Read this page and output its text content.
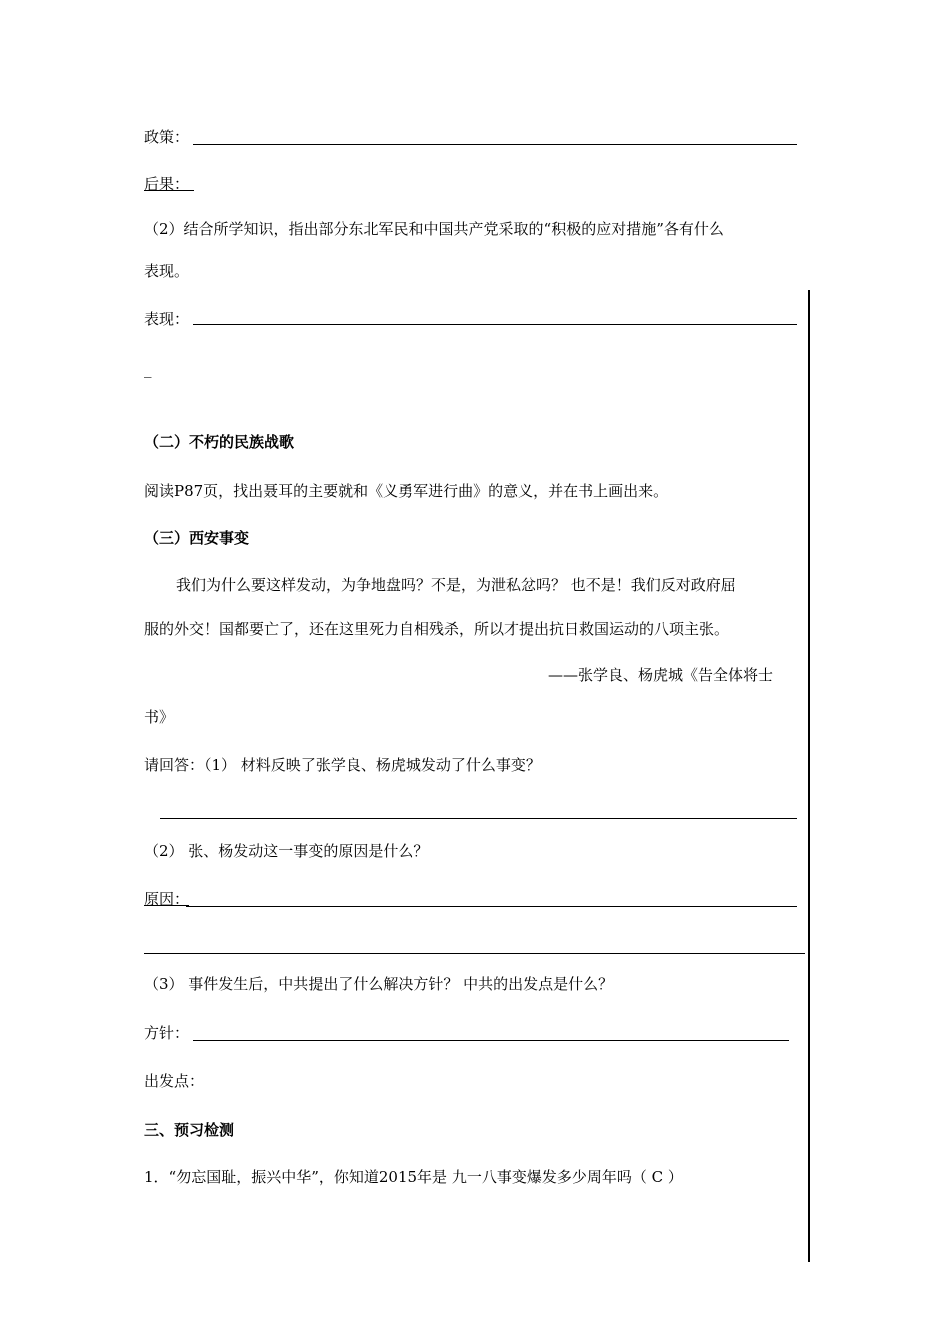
政策：
后果：
（2）结合所学知识，指出部分东北军民和中国共产党采取的“积极的应对措施”各有什么
表现。
表现：
_
（二）不朽的民族战歌
阅读P87页，找出聂耳的主要就和《义勇军进行曲》的意义，并在书上画出来。
（三）西安事变
我们为什么要这样发动，为争地盘吗？不是，为泄私忿吗？ 也不是！我们反对政府屈
服的外交！国都要亡了，还在这里死力自相残杀，所以才提出抗日救国运动的八项主张。
——张学良、杨虎城《告全体将士
书》
请回答：（1） 材料反映了张学良、杨虎城发动了什么事变？
（2） 张、杨发动这一事变的原因是什么？
原因：
（3） 事件发生后，中共提出了什么解决方针？ 中共的出发点是什么？
方针：
出发点：
三、预习检测
1．“勿忘国耻，振兴中华”，你知道2015年是 九一八事变爆发多少周年吗（ C ）
